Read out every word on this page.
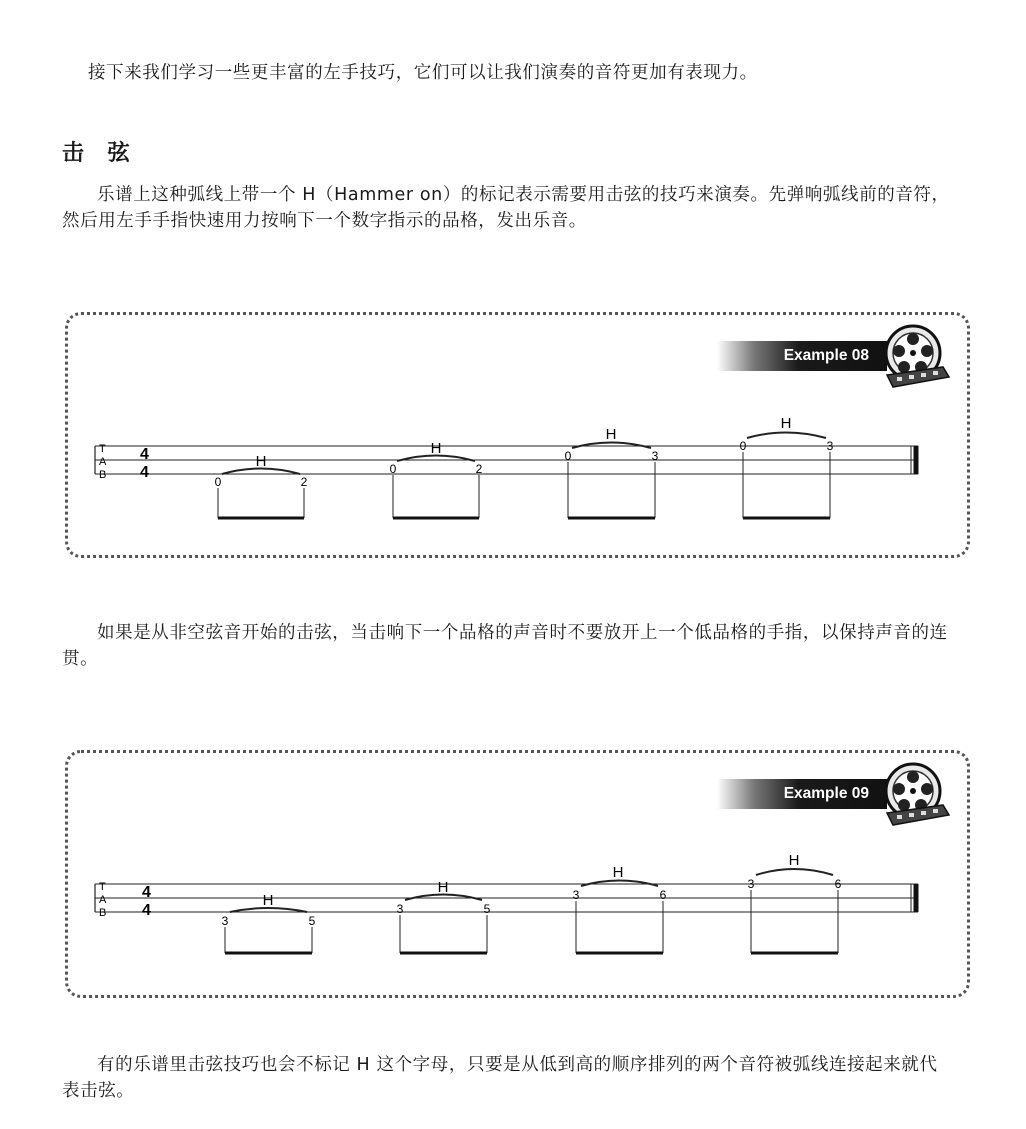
接下来我们学习一些更丰富的左手技巧，它们可以让我们演奏的音符更加有表现力。

击 弦

乐谱上这种弧线上带一个 H（Hammer on）的标记表示需要用击弦的技巧来演奏。先弹响弧线前的音符，然后用左手手指快速用力按响下一个数字指示的品格，发出乐音。

Example 08
T
A
B
4
4
0	2
H	0	2
H	0	3
H
0	3
H

如果是从非空弦音开始的击弦，当击响下一个品格的声音时不要放开上一个低品格的手指，以保持声音的连贯。

Example 09
T
A
B
4
4
3	5
H	3	5
H	3	6
H
3	6
H

有的乐谱里击弦技巧也会不标记 H 这个字母，只要是从低到高的顺序排列的两个音符被弧线连接起来就代表击弦。
